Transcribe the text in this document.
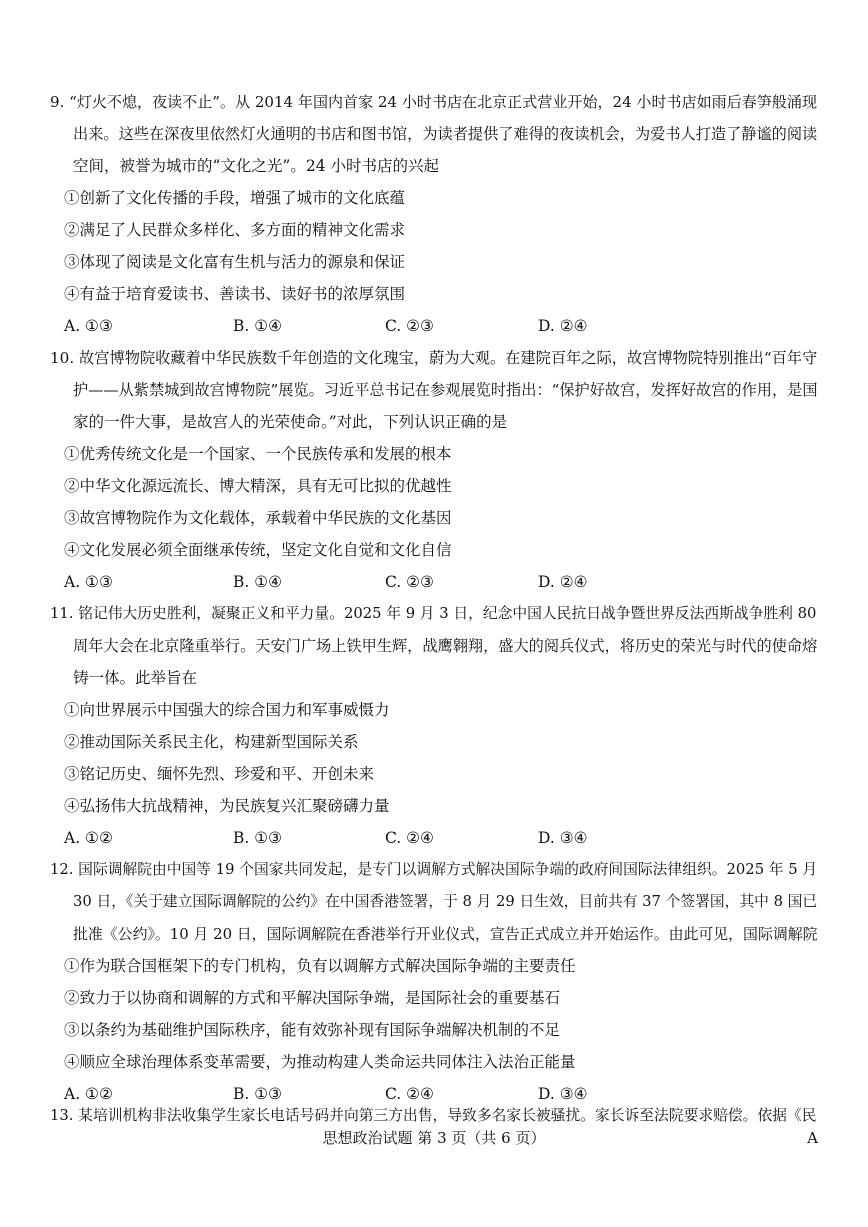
9. “灯火不熄，夜读不止”。从 2014 年国内首家 24 小时书店在北京正式营业开始，24 小时书店如雨后春笋般涌现
出来。这些在深夜里依然灯火通明的书店和图书馆，为读者提供了难得的夜读机会，为爱书人打造了静谧的阅读
空间，被誉为城市的“文化之光”。24 小时书店的兴起
①创新了文化传播的手段，增强了城市的文化底蕴
②满足了人民群众多样化、多方面的精神文化需求
③体现了阅读是文化富有生机与活力的源泉和保证
④有益于培育爱读书、善读书、读好书的浓厚氛围
A. ①③	B. ①④	C. ②③	D. ②④
10. 故宫博物院收藏着中华民族数千年创造的文化瑰宝，蔚为大观。在建院百年之际，故宫博物院特别推出“百年守
护——从紫禁城到故宫博物院”展览。习近平总书记在参观展览时指出：“保护好故宫，发挥好故宫的作用，是国
家的一件大事，是故宫人的光荣使命。”对此，下列认识正确的是
①优秀传统文化是一个国家、一个民族传承和发展的根本
②中华文化源远流长、博大精深，具有无可比拟的优越性
③故宫博物院作为文化载体，承载着中华民族的文化基因
④文化发展必须全面继承传统，坚定文化自觉和文化自信
A. ①③	B. ①④	C. ②③	D. ②④
11. 铭记伟大历史胜利，凝聚正义和平力量。2025 年 9 月 3 日，纪念中国人民抗日战争暨世界反法西斯战争胜利 80
周年大会在北京隆重举行。天安门广场上铁甲生辉，战鹰翱翔，盛大的阅兵仪式，将历史的荣光与时代的使命熔
铸一体。此举旨在
①向世界展示中国强大的综合国力和军事威慑力
②推动国际关系民主化，构建新型国际关系
③铭记历史、缅怀先烈、珍爱和平、开创未来
④弘扬伟大抗战精神，为民族复兴汇聚磅礴力量
A. ①②	B. ①③	C. ②④	D. ③④
12. 国际调解院由中国等 19 个国家共同发起，是专门以调解方式解决国际争端的政府间国际法律组织。2025 年 5 月
30 日，《关于建立国际调解院的公约》在中国香港签署，于 8 月 29 日生效，目前共有 37 个签署国，其中 8 国已
批准《公约》。10 月 20 日，国际调解院在香港举行开业仪式，宣告正式成立并开始运作。由此可见，国际调解院
①作为联合国框架下的专门机构，负有以调解方式解决国际争端的主要责任
②致力于以协商和调解的方式和平解决国际争端，是国际社会的重要基石
③以条约为基础维护国际秩序，能有效弥补现有国际争端解决机制的不足
④顺应全球治理体系变革需要，为推动构建人类命运共同体注入法治正能量
A. ①②	B. ①③	C. ②④	D. ③④
13. 某培训机构非法收集学生家长电话号码并向第三方出售，导致多名家长被骚扰。家长诉至法院要求赔偿。依据《民
思想政治试题 第 3 页（共 6 页）	A
